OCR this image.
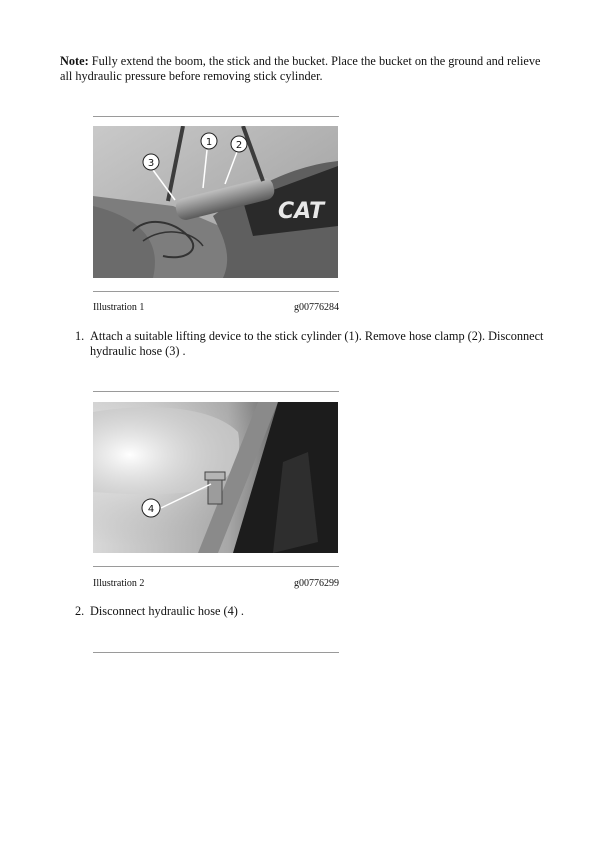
Note: Fully extend the boom, the stick and the bucket. Place the bucket on the ground and relieve all hydraulic pressure before removing stick cylinder.
CAT
1 2
3
Illustration 1	g00776284
1. Attach a suitable lifting device to the stick cylinder (1). Remove hose clamp (2). Disconnect hydraulic hose (3) .
4
Illustration 2	g00776299
2. Disconnect hydraulic hose (4) .
